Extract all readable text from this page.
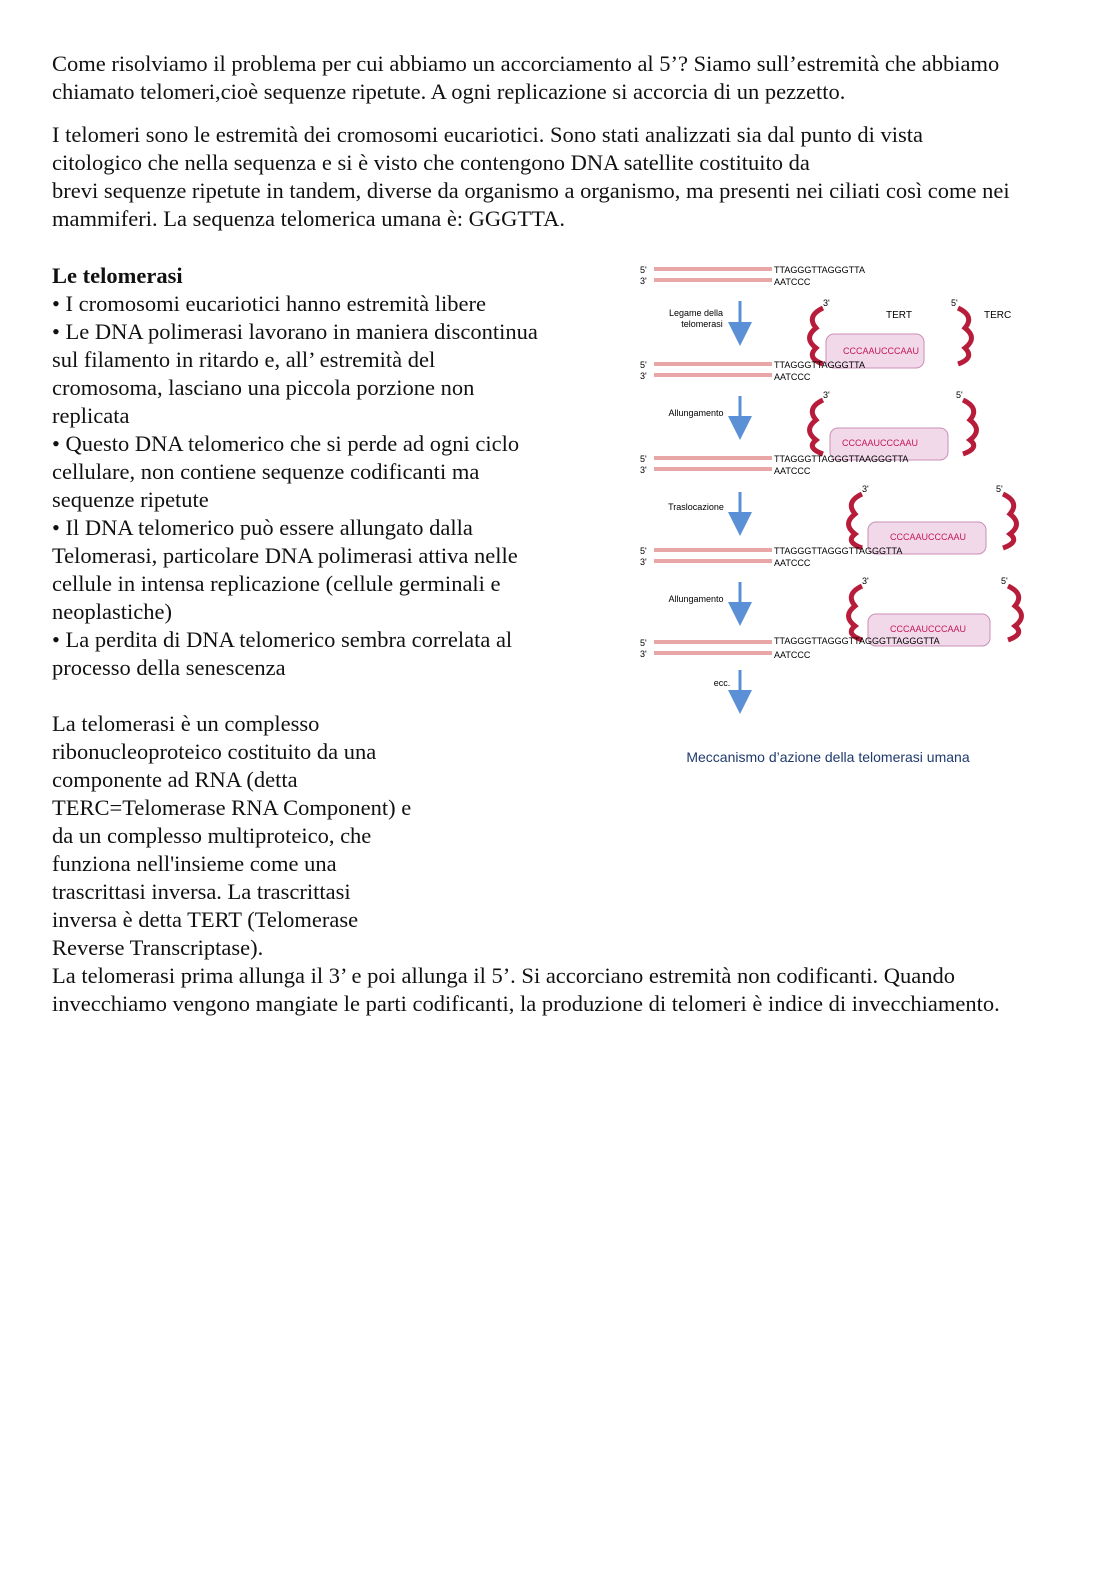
Come risolviamo il problema per cui abbiamo un accorciamento al 5’? Siamo sull’estremità che abbiamo
chiamato telomeri,cioè sequenze ripetute. A ogni replicazione si accorcia di un pezzetto.
I telomeri sono le estremità dei cromosomi eucariotici. Sono stati analizzati sia dal punto di vista
citologico che nella sequenza e si è visto che contengono DNA satellite costituito da
brevi sequenze ripetute in tandem, diverse da organismo a organismo, ma presenti nei ciliati così come nei
mammiferi. La sequenza telomerica umana è: GGGTTA.
Le telomerasi
• I cromosomi eucariotici hanno estremità libere
• Le DNA polimerasi lavorano in maniera discontinua
sul filamento in ritardo e, all’ estremità del
cromosoma, lasciano una piccola porzione non
replicata
• Questo DNA telomerico che si perde ad ogni ciclo
cellulare, non contiene sequenze codificanti ma
sequenze ripetute
• Il DNA telomerico può essere allungato dalla
Telomerasi, particolare DNA polimerasi attiva nelle
cellule in intensa replicazione (cellule germinali e
neoplastiche)
• La perdita di DNA telomerico sembra correlata al
processo della senescenza
La telomerasi è un complesso
ribonucleoproteico costituito da una
componente ad RNA (detta
TERC=Telomerase RNA Component) e
da un complesso multiproteico, che
funziona nell'insieme come una
trascrittasi inversa. La trascrittasi
inversa è detta TERT (Telomerase
Reverse Transcriptase).
La telomerasi prima allunga il 3’ e poi allunga il 5’. Si accorciano estremità non codificanti. Quando
invecchiamo vengono mangiate le parti codificanti, la produzione di telomeri è indice di invecchiamento.
5'
3'
TTAGGGTTAGGGTTA
AATCCC
Legame della
telomerasi
3'	5'
TERT	TERC
CCCAAUCCCAAU
5'
3'
TTAGGGTTAGGGTTA
AATCCC
Allungamento
3'	5'
CCCAAUCCCAAU
5'
3'
TTAGGGTTAGGGTTAAGGGTTA
AATCCC
Traslocazione
3'	5'
CCCAAUCCCAAU
5'
3'
TTAGGGTTAGGGTTAGGGTTA
AATCCC
Allungamento
3'	5'
CCCAAUCCCAAU
5'
3'
TTAGGGTTAGGGTTAGGGTTAGGGTTA
AATCCC
ecc.
Meccanismo d’azione della telomerasi umana
